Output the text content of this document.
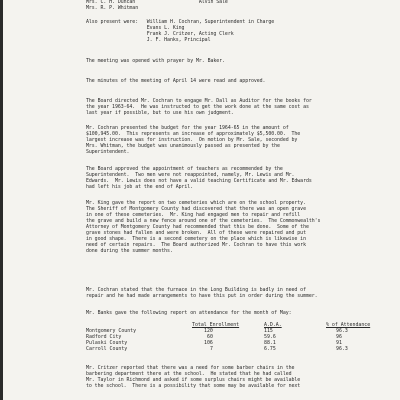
Mrs. C. H. Duncan                      Alvin Sale
Mrs. R. P. Whitman
Also present were:   William H. Cochran, Superintendent in Charge
Evans L. King
Frank J. Critzer, Acting Clerk
J. F. Hanks, Principal
The meeting was opened with prayer by Mr. Baker.
The minutes of the meeting of April 14 were read and approved.
The Board directed Mr. Cochran to engage Mr. Dall as Auditor for the books for
the year 1963-64.  He was instructed to get the work done at the same cost as
last year if possible, but to use his own judgment.
Mr. Cochran presented the budget for the year 1964-65 in the amount of
$100,945.00.  This represents an increase of approximately $5,500.00.  The
largest increase was for instruction.  On motion by Mr. Sale, seconded by
Mrs. Whitman, the budget was unanimously passed as presented by the
Superintendent.
The Board approved the appointment of teachers as recommended by the
Superintendent.  Two men were not reappointed, namely, Mr. Lewis and Mr.
Edwards.  Mr. Lewis does not have a valid teaching Certificate and Mr. Edwards
had left his job at the end of April.
Mr. King gave the report on two cemeteries which are on the school property.
The Sheriff of Montgomery County had discovered that there was an open grave
in one of these cemeteries.  Mr. King had engaged men to repair and refill
the grave and build a new fence around one of the cemeteries.  The Commonwealth's
Attorney of Montgomery County had recommended that this be done.  Some of the
grave stones had fallen and were broken.  All of these were repaired and put
in good shape.  There is a second cemetery on the place which is likewise in
need of certain repairs.  The Board authorized Mr. Cochran to have this work
done during the summer months.
Mr. Cochran stated that the furnace in the Long Building is badly in need of
repair and he had made arrangements to have this put in order during the summer.
Mr. Banks gave the following report on attendance for the month of May:
Total Enrollment	A.D.A.	% of Attendance
Montgomery County	120	115	96.3
Radford City	60	59.6	96
Pulaski County	106	88.1	91
Carroll County	7	6.75	96.3
Mr. Critzer reported that there was a need for some barber chairs in the
barbering department there at the school.  He stated that he had called
Mr. Taylor in Richmond and asked if some surplus chairs might be available
to the school.  There is a possibility that some may be available for next
